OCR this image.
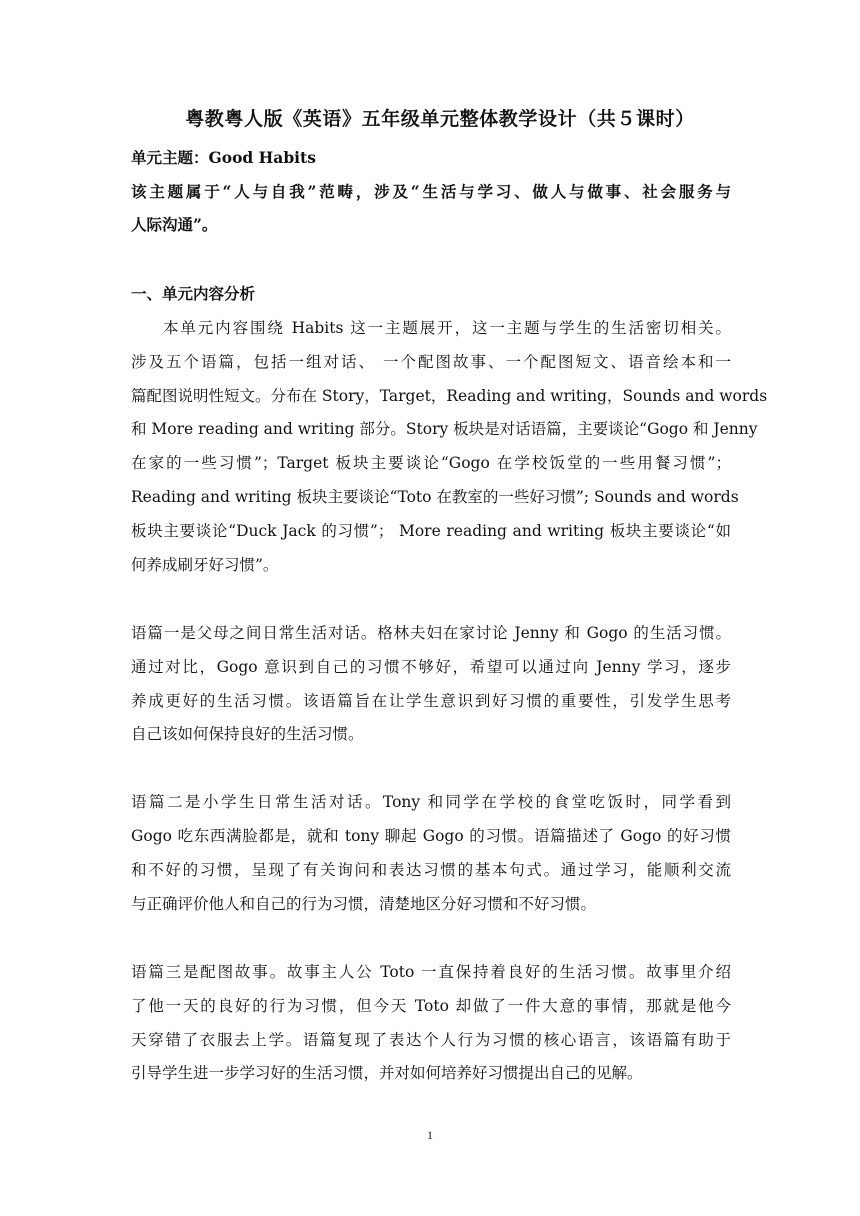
粤教粤人版《英语》五年级单元整体教学设计（共５课时）
单元主题：Good Habits
该主题属于“人与自我”范畴，涉及“生活与学习、做人与做事、社会服务与
人际沟通”。
一、单元内容分析
本单元内容围绕 Habits 这一主题展开，这一主题与学生的生活密切相关。
涉及五个语篇，包括一组对话、 一个配图故事、一个配图短文、语音绘本和一
篇配图说明性短文。分布在 Story，Target，Reading and writing，Sounds and words
和 More reading and writing 部分。Story 板块是对话语篇，主要谈论“Gogo 和 Jenny
在家的一些习惯”；Target 板块主要谈论“Gogo 在学校饭堂的一些用餐习惯”；
Reading and writing 板块主要谈论“Toto 在教室的一些好习惯”; Sounds and words
板块主要谈论“Duck Jack 的习惯”； More reading and writing 板块主要谈论“如
何养成刷牙好习惯”。
语篇一是父母之间日常生活对话。格林夫妇在家讨论 Jenny 和 Gogo 的生活习惯。
通过对比，Gogo 意识到自己的习惯不够好，希望可以通过向 Jenny 学习，逐步
养成更好的生活习惯。该语篇旨在让学生意识到好习惯的重要性，引发学生思考
自己该如何保持良好的生活习惯。
语篇二是小学生日常生活对话。Tony 和同学在学校的食堂吃饭时，同学看到
Gogo 吃东西满脸都是，就和 tony 聊起 Gogo 的习惯。语篇描述了 Gogo 的好习惯
和不好的习惯，呈现了有关询问和表达习惯的基本句式。通过学习，能顺利交流
与正确评价他人和自己的行为习惯，清楚地区分好习惯和不好习惯。
语篇三是配图故事。故事主人公 Toto 一直保持着良好的生活习惯。故事里介绍
了他一天的良好的行为习惯，但今天 Toto 却做了一件大意的事情，那就是他今
天穿错了衣服去上学。语篇复现了表达个人行为习惯的核心语言，该语篇有助于
引导学生进一步学习好的生活习惯，并对如何培养好习惯提出自己的见解。
1
